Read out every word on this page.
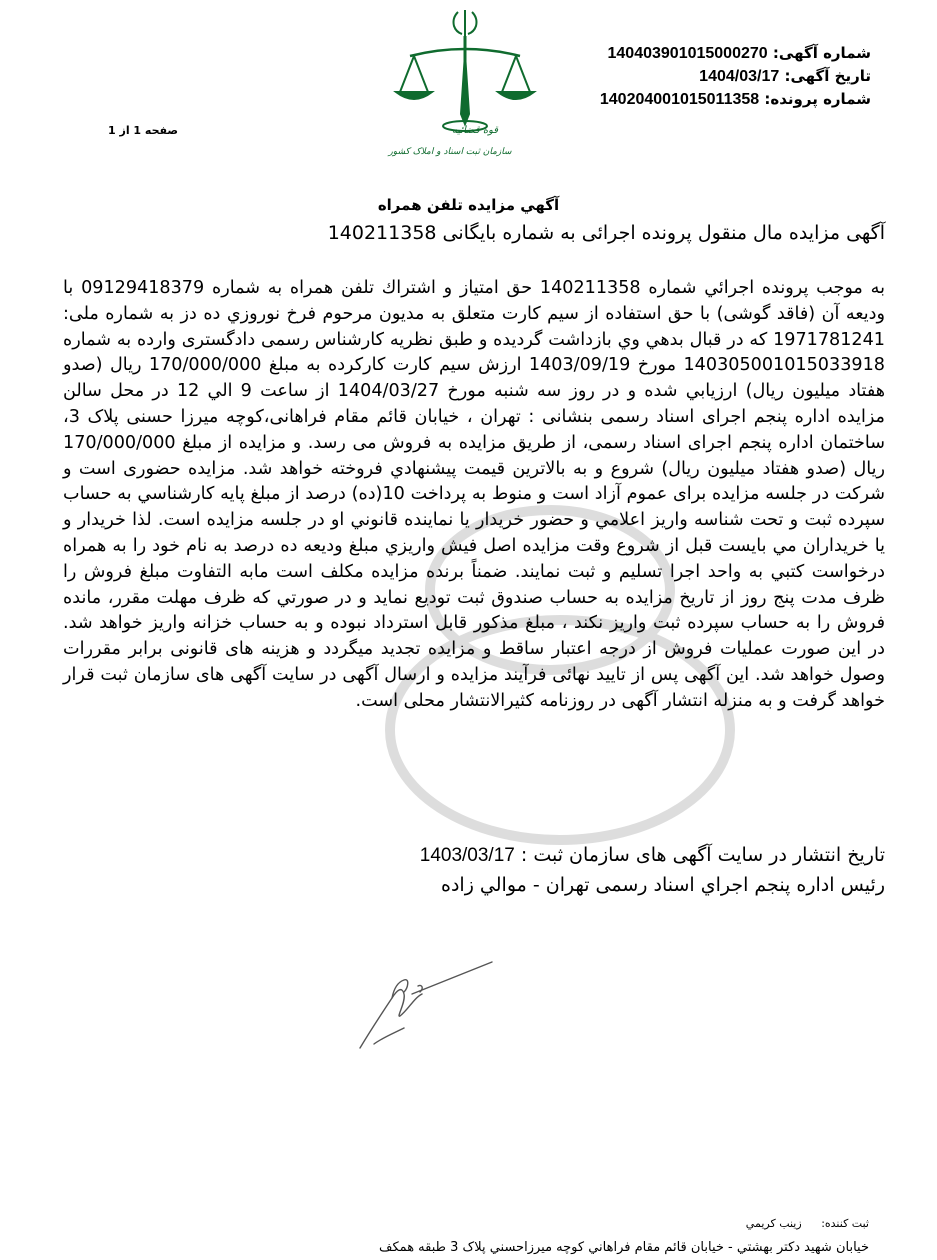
شماره آگهی: 140403901015000270
تاریخ آگهی: 1404/03/17
شماره پرونده: 140204001015011358
صفحه 1 از 1	قوه قضائیه
سازمان ثبت اسناد و املاک کشور
آگهي مزايده تلفن همراه
آگهی مزایده مال منقول پرونده اجرائی به شماره بایگانی 140211358
به موجب پرونده اجرائي شماره 140211358 حق امتياز و اشتراك تلفن همراه به شماره 09129418379 با وديعه آن (فاقد گوشی) با حق استفاده از سيم كارت متعلق به مديون مرحوم فرخ نوروزي ده دز به شماره ملی: 1971781241 كه در قبال بدهي وي بازداشت گرديده و طبق نظريه كارشناس رسمی دادگستری وارده به شماره 140305001015033918 مورخ 1403/09/19 ارزش سيم كارت كاركرده به مبلغ 170/000/000 ريال (صدو هفتاد ميليون ريال) ارزيابي شده و در روز سه شنبه مورخ 1404/03/27 از ساعت 9 الي 12 در محل سالن مزايده اداره پنجم اجرای اسناد رسمی بنشانی : تهران ، خيابان قائم مقام فراهانی،كوچه ميرزا حسنی پلاک 3، ساختمان اداره پنجم اجرای اسناد رسمی، از طريق مزايده به فروش می رسد. و مزايده از مبلغ 170/000/000 ريال (صدو هفتاد ميليون ريال) شروع و به بالاترين قيمت پيشنهادي فروخته خواهد شد. مزايده حضوری است و شركت در جلسه مزايده برای عموم آزاد است و منوط به پرداخت 10(ده) درصد از مبلغ پايه كارشناسي به حساب سپرده ثبت و تحت شناسه واريز اعلامي و حضور خريدار يا نماينده قانوني او در جلسه مزايده است. لذا خريدار و يا خريداران مي بايست قبل از شروع وقت مزايده اصل فيش واريزي مبلغ وديعه ده درصد به نام خود را به همراه درخواست كتبي به واحد اجرا تسليم و ثبت نمايند. ضمناً برنده مزايده مكلف است مابه التفاوت مبلغ فروش را ظرف مدت پنج روز از تاريخ مزايده به حساب صندوق ثبت توديع نمايد و در صورتي كه ظرف مهلت مقرر، مانده فروش را به حساب سپرده ثبت واريز نكند ، مبلغ مذكور قابل استرداد نبوده و به حساب خزانه واريز خواهد شد. در اين صورت عمليات فروش از درجه اعتبار ساقط و مزايده تجديد ميگردد و هزينه های قانونی برابر مقررات وصول خواهد شد. اين آگهی پس از تاييد نهائی فرآيند مزايده و ارسال آگهی در سايت آگهی های سازمان ثبت قرار خواهد گرفت و به منزله انتشار آگهی در روزنامه كثيرالانتشار محلی است.
تاريخ انتشار در سايت آگهی های سازمان ثبت : 1403/03/17
رئيس اداره پنجم اجراي اسناد رسمی تهران - موالي زاده
ثبت کننده: زينب كريمي
خيابان شهيد دكتر بهشتي - خيابان قائم مقام فراهاني كوچه ميرزاحسني پلاک 3 طبقه همكف
